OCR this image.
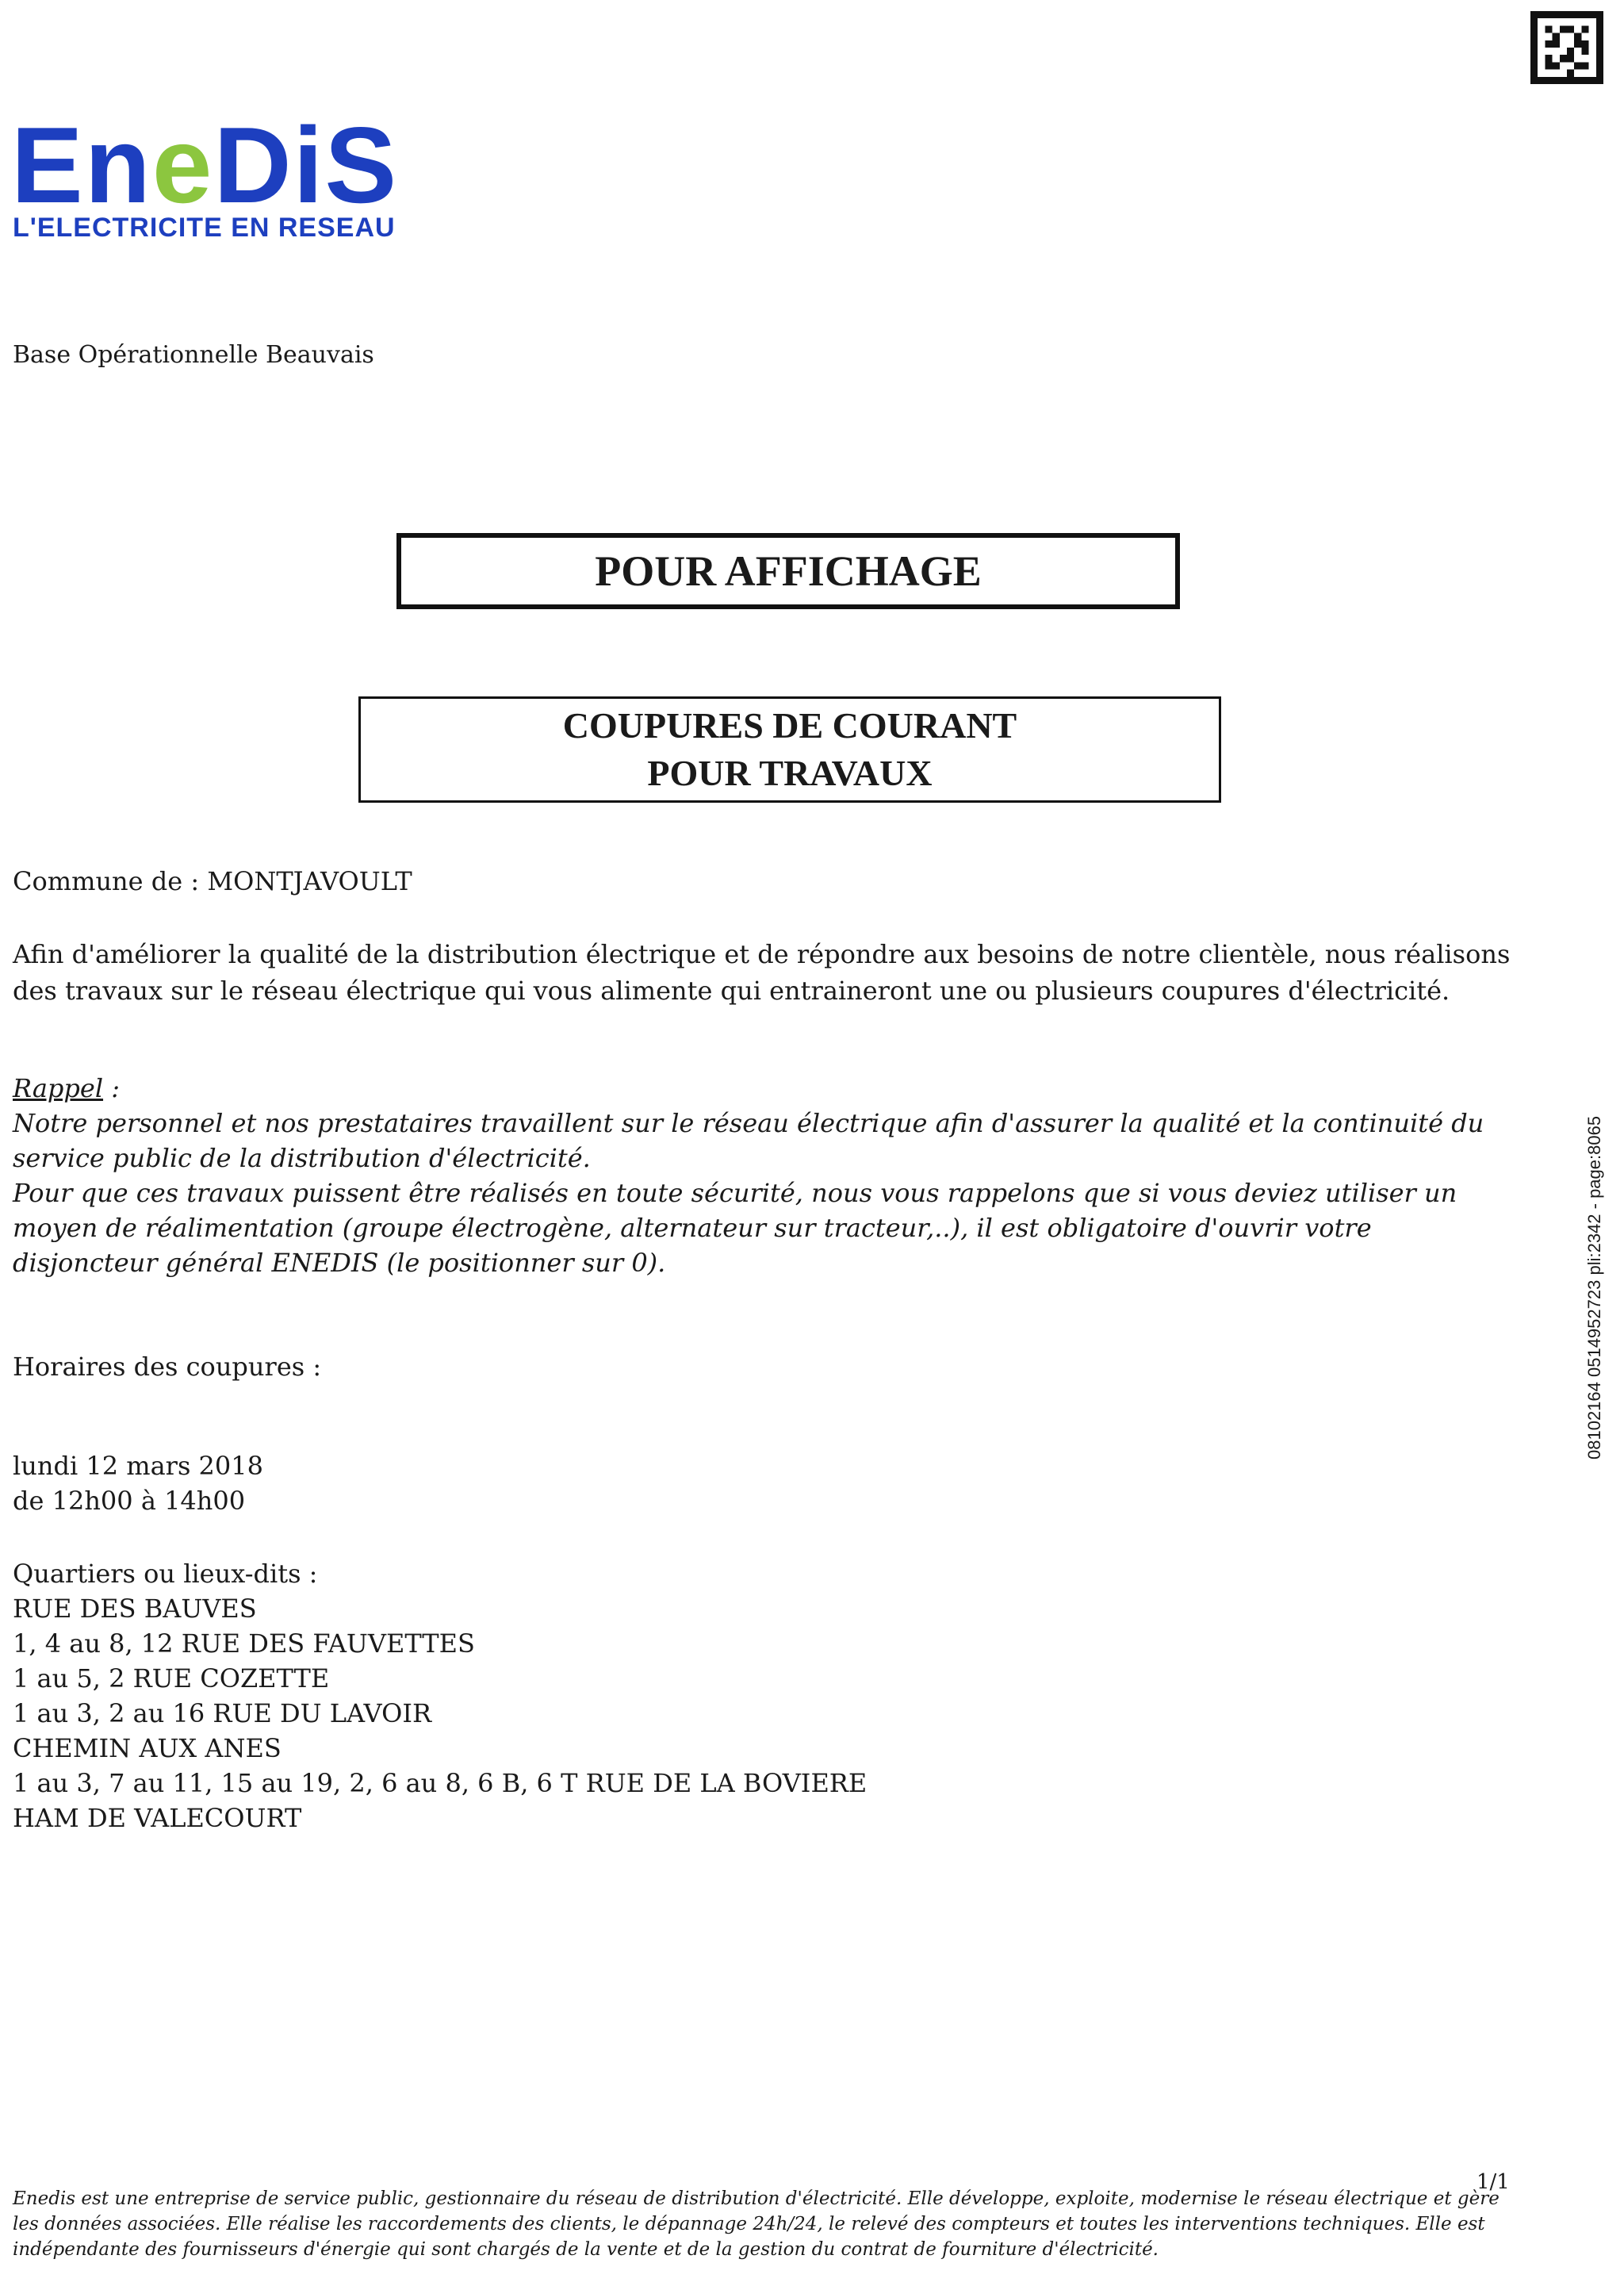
EneDiS
L'ELECTRICITE EN RESEAU
Base Opérationnelle Beauvais
POUR AFFICHAGE
COUPURES DE COURANT
POUR TRAVAUX
Commune de : MONTJAVOULT
Afin d'améliorer la qualité de la distribution électrique et de répondre aux besoins de notre clientèle, nous réalisons des travaux sur le réseau électrique qui vous alimente qui entraineront une ou plusieurs coupures d'électricité.
Rappel :
Notre personnel et nos prestataires travaillent sur le réseau électrique afin d'assurer la qualité et la continuité du service public de la distribution d'électricité.
Pour que ces travaux puissent être réalisés en toute sécurité, nous vous rappelons que si vous deviez utiliser un moyen de réalimentation (groupe électrogène, alternateur sur tracteur,..), il est obligatoire d'ouvrir votre disjoncteur général ENEDIS (le positionner sur 0).
Horaires des coupures :
lundi 12 mars 2018
de 12h00 à 14h00
Quartiers ou lieux-dits :
RUE DES BAUVES
1, 4 au 8, 12 RUE DES FAUVETTES
1 au 5, 2 RUE COZETTE
1 au 3, 2 au 16 RUE DU LAVOIR
CHEMIN AUX ANES
1 au 3, 7 au 11, 15 au 19, 2, 6 au 8, 6 B, 6 T RUE DE LA BOVIERE
HAM DE VALECOURT
1/1
Enedis est une entreprise de service public, gestionnaire du réseau de distribution d'électricité. Elle développe, exploite, modernise le réseau électrique et gère les données associées. Elle réalise les raccordements des clients, le dépannage 24h/24, le relevé des compteurs et toutes les interventions techniques. Elle est indépendante des fournisseurs d'énergie qui sont chargés de la vente et de la gestion du contrat de fourniture d'électricité.
08102164 0514952723 pli:2342 - page:8065
